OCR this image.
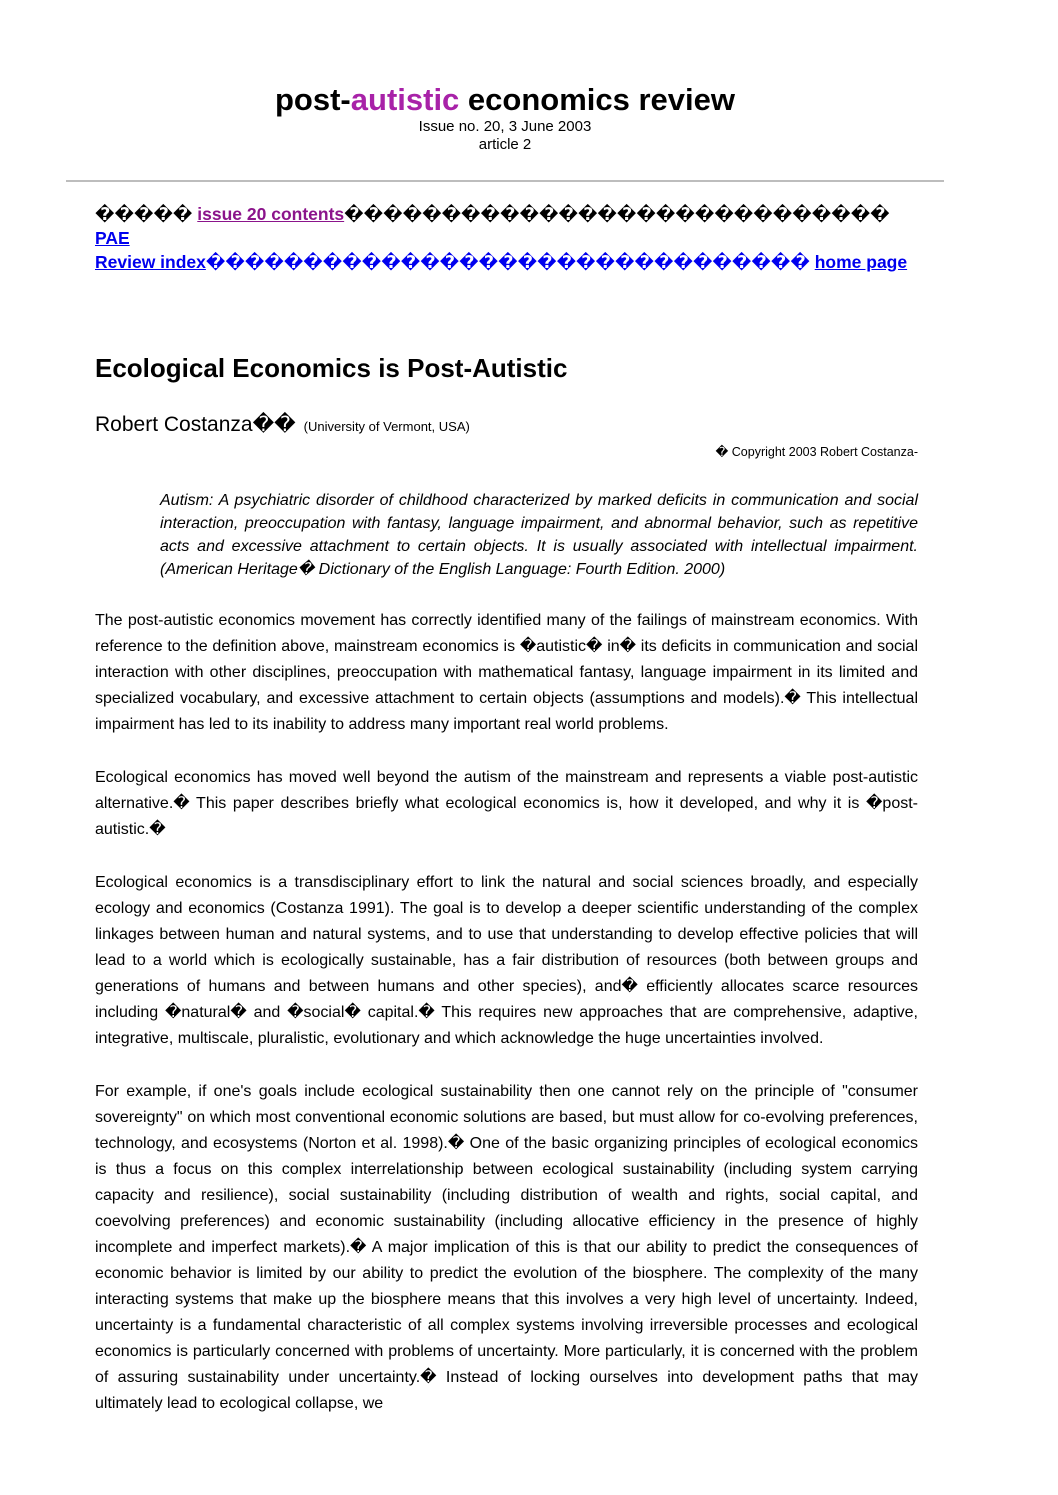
post-autistic economics review
Issue no. 20, 3 June 2003
article 2
����� issue 20 contents���������������������������� PAE
Review index������������������������������� home page
Ecological Economics is Post-Autistic
Robert Costanza�� (University of Vermont, USA)
� Copyright 2003 Robert Costanza-
Autism: A psychiatric disorder of childhood characterized by marked deficits in communication and social interaction, preoccupation with fantasy, language impairment, and abnormal behavior, such as repetitive acts and excessive attachment to certain objects. It is usually associated with intellectual impairment. (American Heritage� Dictionary of the English Language: Fourth Edition. 2000)

The post-autistic economics movement has correctly identified many of the failings of mainstream economics. With reference to the definition above, mainstream economics is �autistic� in� its deficits in communication and social interaction with other disciplines, preoccupation with mathematical fantasy, language impairment in its limited and specialized vocabulary, and excessive attachment to certain objects (assumptions and models).� This intellectual impairment has led to its inability to address many important real world problems.

Ecological economics has moved well beyond the autism of the mainstream and represents a viable post-autistic alternative.� This paper describes briefly what ecological economics is, how it developed, and why it is �post-autistic.�

Ecological economics is a transdisciplinary effort to link the natural and social sciences broadly, and especially ecology and economics (Costanza 1991). The goal is to develop a deeper scientific understanding of the complex linkages between human and natural systems, and to use that understanding to develop effective policies that will lead to a world which is ecologically sustainable, has a fair distribution of resources (both between groups and generations of humans and between humans and other species), and� efficiently allocates scarce resources including �natural� and �social� capital.� This requires new approaches that are comprehensive, adaptive, integrative, multiscale, pluralistic, evolutionary and which acknowledge the huge uncertainties involved.

For example, if one's goals include ecological sustainability then one cannot rely on the principle of "consumer sovereignty" on which most conventional economic solutions are based, but must allow for co-evolving preferences, technology, and ecosystems (Norton et al. 1998).� One of the basic organizing principles of ecological economics is thus a focus on this complex interrelationship between ecological sustainability (including system carrying capacity and resilience), social sustainability (including distribution of wealth and rights, social capital, and coevolving preferences) and economic sustainability (including allocative efficiency in the presence of highly incomplete and imperfect markets).� A major implication of this is that our ability to predict the consequences of economic behavior is limited by our ability to predict the evolution of the biosphere. The complexity of the many interacting systems that make up the biosphere means that this involves a very high level of uncertainty. Indeed, uncertainty is a fundamental characteristic of all complex systems involving irreversible processes and ecological economics is particularly concerned with problems of uncertainty. More particularly, it is concerned with the problem of assuring sustainability under uncertainty.� Instead of locking ourselves into development paths that may ultimately lead to ecological collapse, we
